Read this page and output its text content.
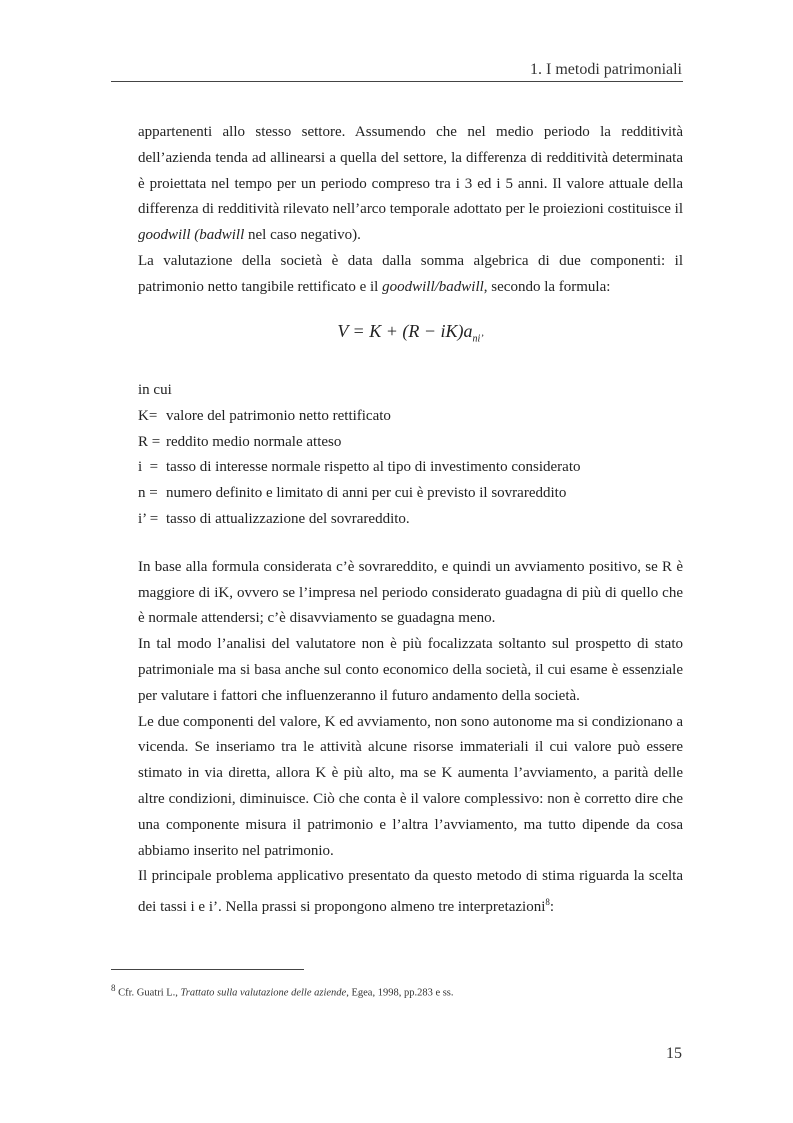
1. I metodi patrimoniali

appartenenti allo stesso settore. Assumendo che nel medio periodo la redditività dell’azienda tenda ad allinearsi a quella del settore, la differenza di redditività determinata è proiettata nel tempo per un periodo compreso tra i 3 ed i 5 anni. Il valore attuale della differenza di redditività rilevato nell’arco temporale adottato per le proiezioni costituisce il goodwill (badwill nel caso negativo).

La valutazione della società è data dalla somma algebrica di due componenti: il patrimonio netto tangibile rettificato e il goodwill/badwill, secondo la formula:

$V = K + (R - iK)a_{ni’}$
in cui
K= valore del patrimonio netto rettificato
R = reddito medio normale atteso
i  = tasso di interesse normale rispetto al tipo di investimento considerato
n = numero definito e limitato di anni per cui è previsto il sovrareddito
i’ = tasso di attualizzazione del sovrareddito.

In base alla formula considerata c’è sovrareddito, e quindi un avviamento positivo, se R è maggiore di iK, ovvero se l’impresa nel periodo considerato guadagna di più di quello che è normale attendersi; c’è disavviamento se guadagna meno.

In tal modo l’analisi del valutatore non è più focalizzata soltanto sul prospetto di stato patrimoniale ma si basa anche sul conto economico della società, il cui esame è essenziale per valutare i fattori che influenzeranno il futuro andamento della società.

Le due componenti del valore, K ed avviamento, non sono autonome ma si condizionano a vicenda. Se inseriamo tra le attività alcune risorse immateriali il cui valore può essere stimato in via diretta, allora K è più alto, ma se K aumenta l’avviamento, a parità delle altre condizioni, diminuisce. Ciò che conta è il valore complessivo: non è corretto dire che una componente misura il patrimonio e l’altra l’avviamento, ma tutto dipende da cosa abbiamo inserito nel patrimonio.

Il principale problema applicativo presentato da questo metodo di stima riguarda la scelta dei tassi i e i’. Nella prassi si propongono almeno tre interpretazioni$^8$:

$^8$ Cfr. Guatri L., Trattato sulla valutazione delle aziende, Egea, 1998, pp.283 e ss.
15
